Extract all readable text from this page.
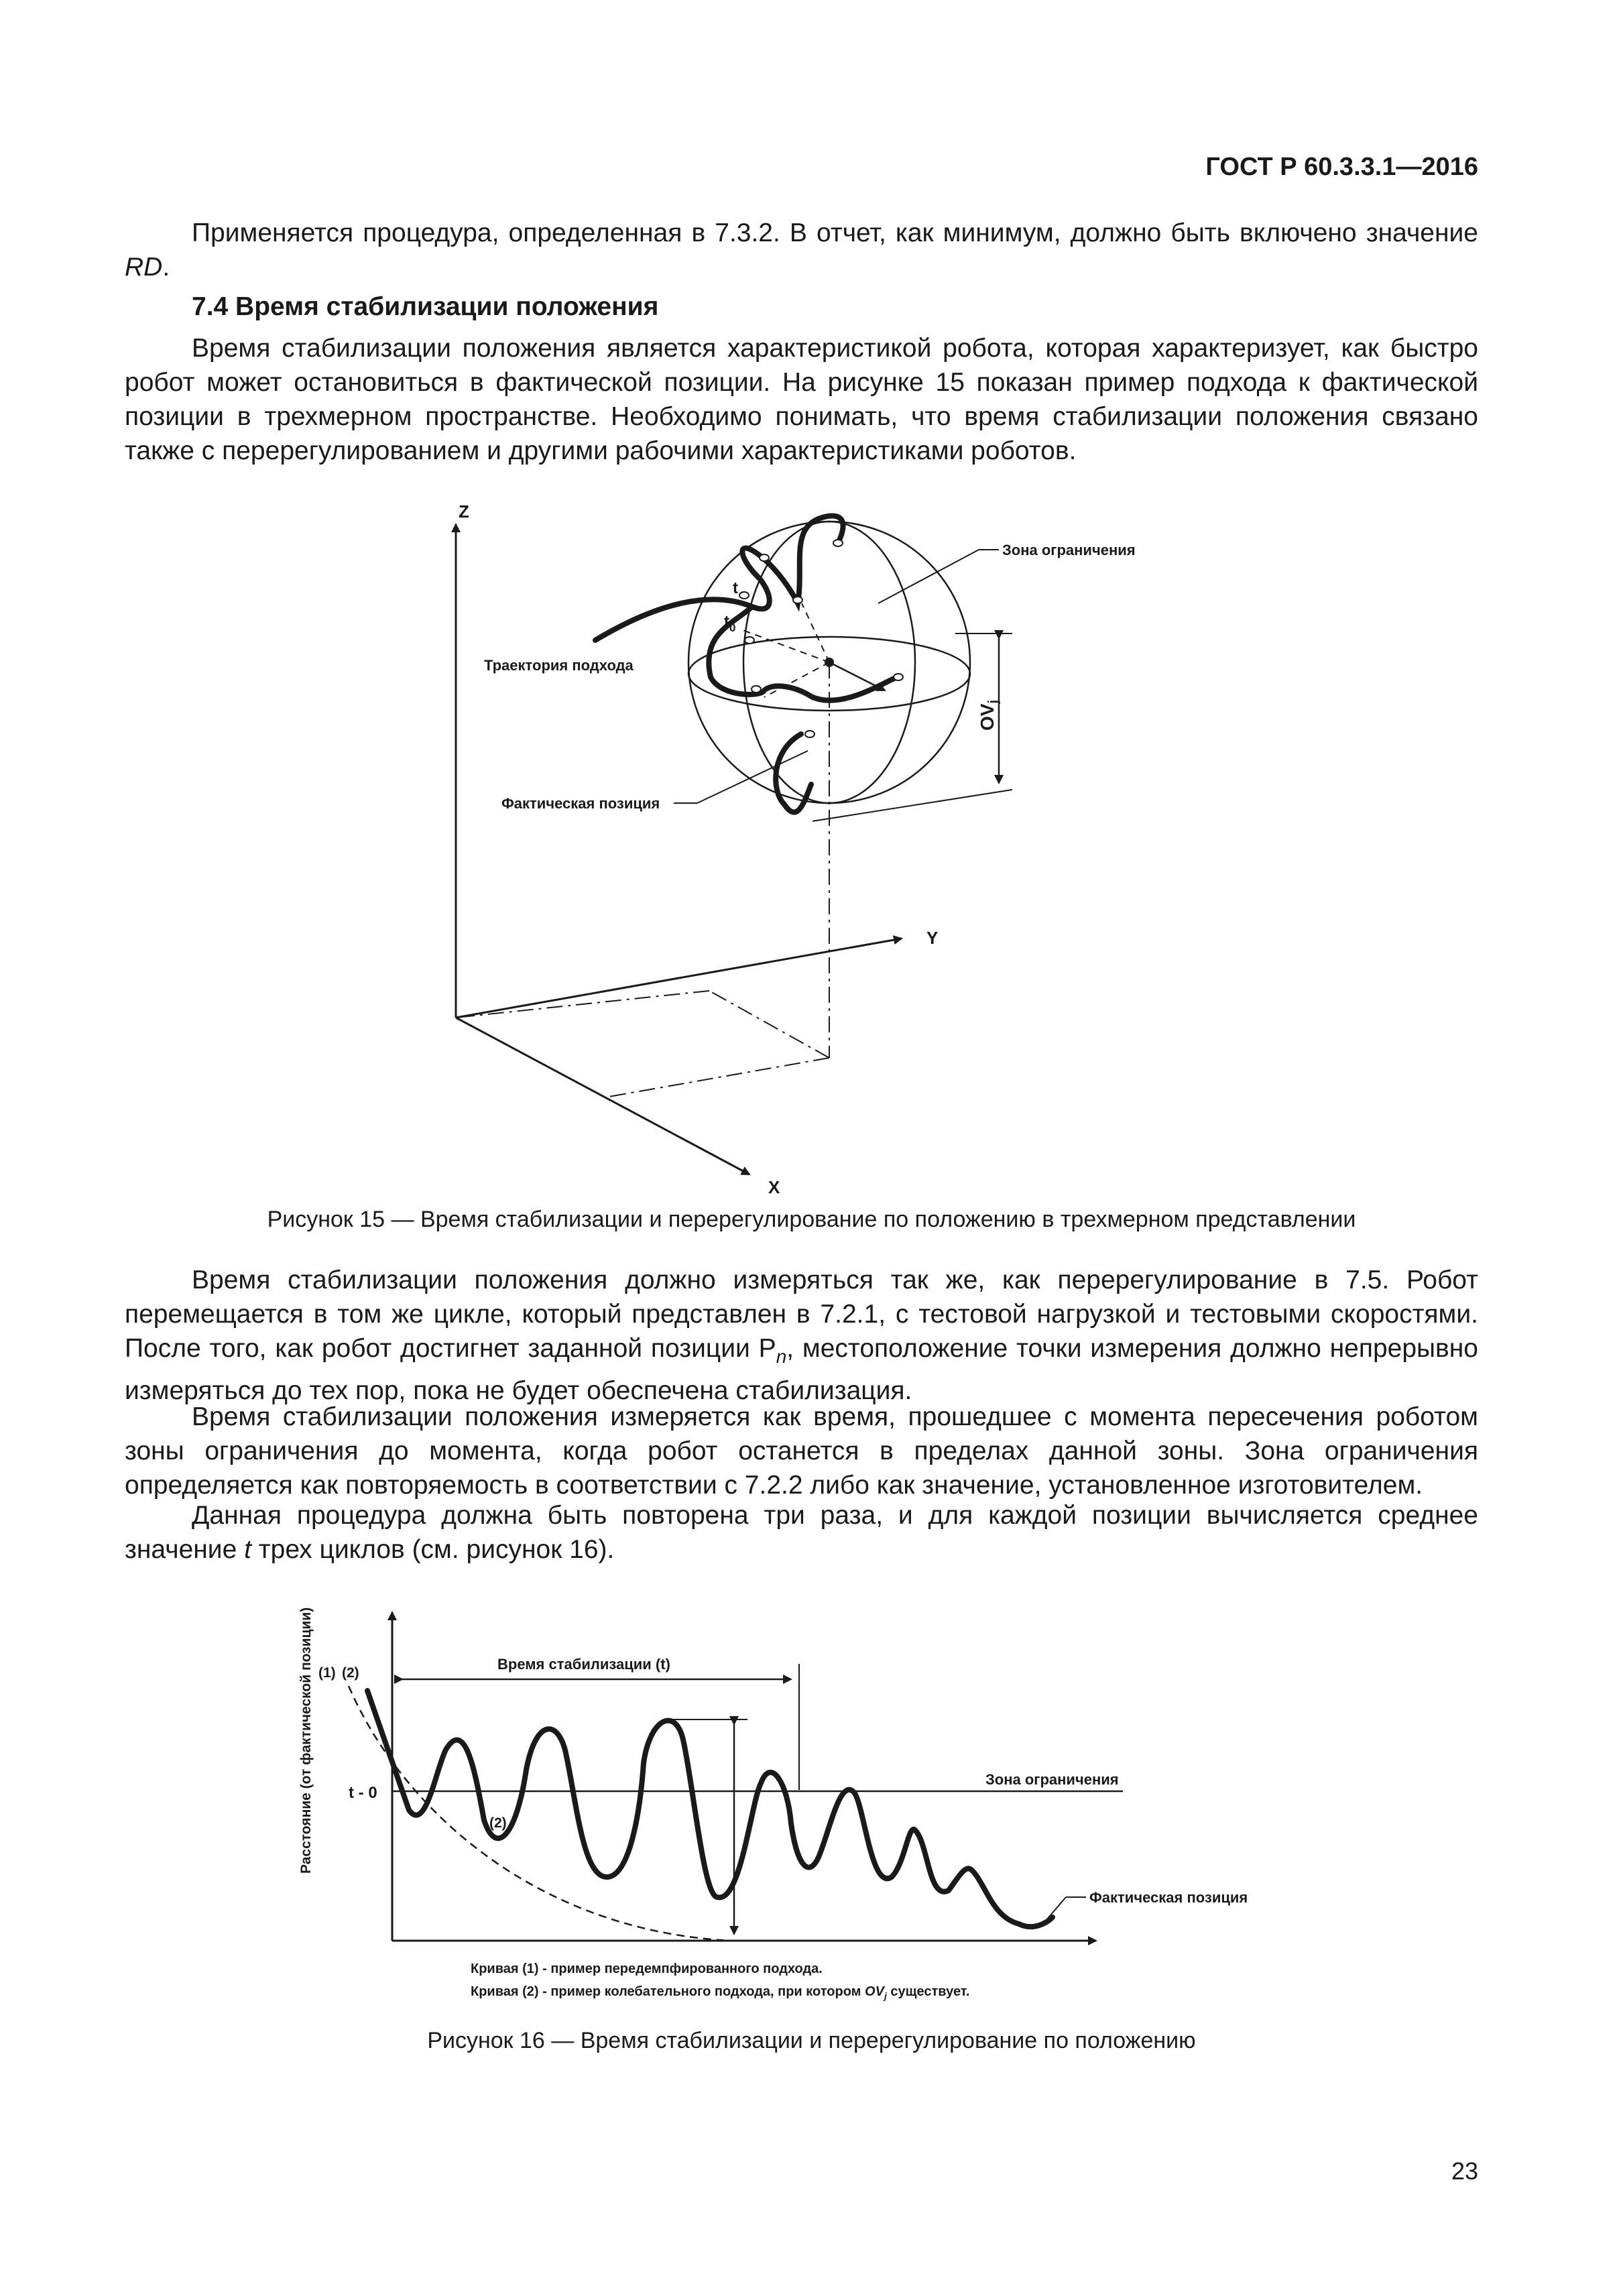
ГОСТ Р 60.3.3.1—2016

Применяется процедура, определенная в 7.3.2. В отчет, как минимум, должно быть включено значение RD.

7.4 Время стабилизации положения

Время стабилизации положения является характеристикой робота, которая характеризует, как быстро робот может остановиться в фактической позиции. На рисунке 15 показан пример подхода к фактической позиции в трехмерном пространстве. Необходимо понимать, что время стабилизации положения связано также с перерегулированием и другими рабочими характеристиками роботов.

Z
Y
X
t
$t_0$
Зона ограничения
Траектория подхода
Фактическая позиция
$OV_j$
Рисунок 15 — Время стабилизации и перерегулирование по положению в трехмерном представлении

Время стабилизации положения должно измеряться так же, как перерегулирование в 7.5. Робот перемещается в том же цикле, который представлен в 7.2.1, с тестовой нагрузкой и тестовыми скоростями. После того, как робот достигнет заданной позиции $P_n$, местоположение точки измерения должно непрерывно измеряться до тех пор, пока не будет обеспечена стабилизация.

Время стабилизации положения измеряется как время, прошедшее с момента пересечения роботом зоны ограничения до момента, когда робот останется в пределах данной зоны. Зона ограничения определяется как повторяемость в соответствии с 7.2.2 либо как значение, установленное изготовителем.

Данная процедура должна быть повторена три раза, и для каждой позиции вычисляется среднее значение t трех циклов (см. рисунок 16).

Расстояние (от фактической позиции) (1) (2)
t - 0
Зона ограничения
Время стабилизации (t)
(2)
Фактическая позиция
Кривая (1) - пример передемпфированного подхода.
Кривая (2) - пример колебательного подхода, при котором $OV_j$ существует.
Рисунок 16 — Время стабилизации и перерегулирование по положению
23
